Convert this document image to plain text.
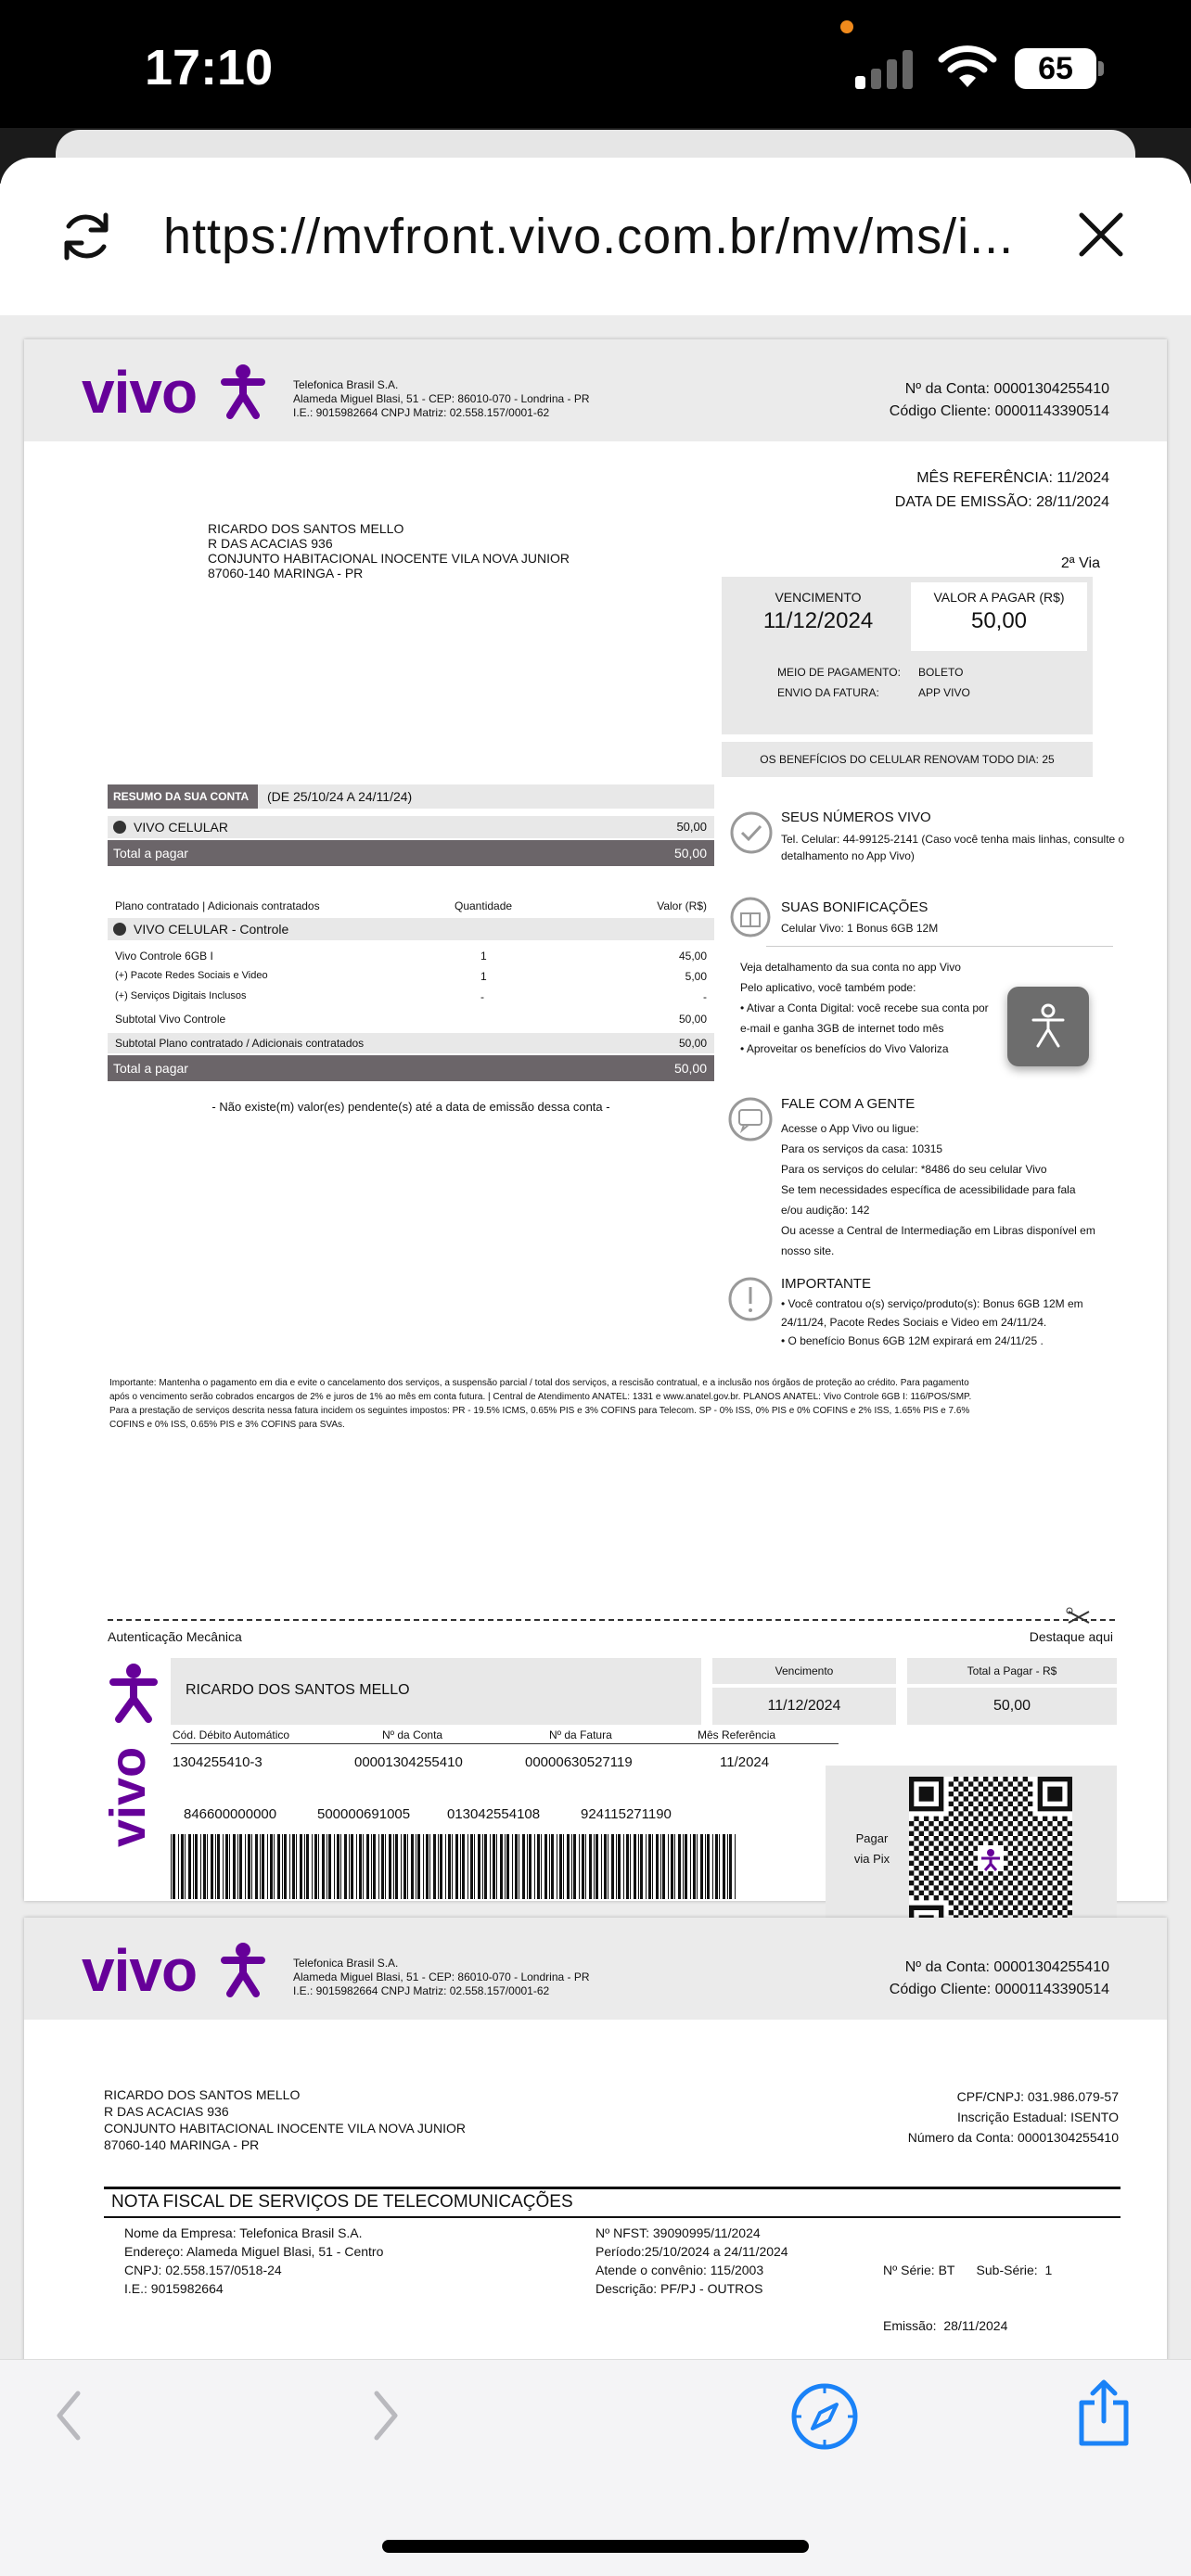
17:10	65
https://mvfront.vivo.com.br/mv/ms/i...
vivo	Telefonica Brasil S.A.
Alameda Miguel Blasi, 51 - CEP: 86010-070 - Londrina - PR
I.E.: 9015982664 CNPJ Matriz: 02.558.157/0001-62
Nº da Conta: 00001304255410
Código Cliente: 00001143390514
MÊS REFERÊNCIA: 11/2024
DATA DE EMISSÃO: 28/11/2024
RICARDO DOS SANTOS MELLO
R DAS ACACIAS 936
CONJUNTO HABITACIONAL INOCENTE VILA NOVA JUNIOR
87060-140 MARINGA - PR
2ª Via
VENCIMENTO
11/12/2024
VALOR A PAGAR (R$)
50,00
MEIO DE PAGAMENTO:	BOLETO
ENVIO DA FATURA:	APP VIVO
OS BENEFÍCIOS DO CELULAR RENOVAM TODO DIA: 25
RESUMO DA SUA CONTA	(DE 25/10/24 A 24/11/24)
VIVO CELULAR	50,00
Total a pagar	50,00
Plano contratado | Adicionais contratados	Quantidade	Valor (R$)
VIVO CELULAR - Controle
Vivo Controle 6GB I	1	45,00
(+) Pacote Redes Sociais e Video	1	5,00
(+) Serviços Digitais Inclusos	-	-
Subtotal Vivo Controle	50,00
Subtotal Plano contratado / Adicionais contratados	50,00
Total a pagar	50,00
- Não existe(m) valor(es) pendente(s) até a data de emissão dessa conta -
SEUS NÚMEROS VIVO
Tel. Celular: 44-99125-2141 (Caso você tenha mais linhas, consulte o detalhamento no App Vivo)
SUAS BONIFICAÇÕES
Celular Vivo: 1 Bonus 6GB 12M
Veja detalhamento da sua conta no app Vivo
Pelo aplicativo, você também pode:
• Ativar a Conta Digital: você recebe sua conta por
e-mail e ganha 3GB de internet todo mês
• Aproveitar os benefícios do Vivo Valoriza
FALE COM A GENTE
Acesse o App Vivo ou ligue:
Para os serviços da casa: 10315
Para os serviços do celular: *8486 do seu celular Vivo
Se tem necessidades específica de acessibilidade para fala
e/ou audição: 142
Ou acesse a Central de Intermediação em Libras disponível em
nosso site.
IMPORTANTE
• Você contratou o(s) serviço/produto(s): Bonus 6GB 12M em
24/11/24, Pacote Redes Sociais e Video em 24/11/24.
• O benefício Bonus 6GB 12M expirará em 24/11/25 .
Importante: Mantenha o pagamento em dia e evite o cancelamento dos serviços, a suspensão parcial / total dos serviços, a rescisão contratual, e a inclusão nos órgãos de proteção ao crédito. Para pagamento
após o vencimento serão cobrados encargos de 2% e juros de 1% ao mês em conta futura. | Central de Atendimento ANATEL: 1331 e www.anatel.gov.br. PLANOS ANATEL: Vivo Controle 6GB I: 116/POS/SMP.
Para a prestação de serviços descrita nessa fatura incidem os seguintes impostos: PR - 19.5% ICMS, 0.65% PIS e 3% COFINS para Telecom. SP - 0% ISS, 0% PIS e 0% COFINS e 2% ISS, 1.65% PIS e 7.6%
COFINS e 0% ISS, 0.65% PIS e 3% COFINS para SVAs.
Autenticação Mecânica	Destaque aqui
vivo
RICARDO DOS SANTOS MELLO
Vencimento
11/12/2024
Total a Pagar - R$
50,00
Cód. Débito Automático	Nº da Conta	Nº da Fatura	Mês Referência
1304255410-3	00001304255410	00000630527119	11/2024
846600000000	500000691005	013042554108	924115271190
Pagar
via Pix
vivo	Telefonica Brasil S.A.
Alameda Miguel Blasi, 51 - CEP: 86010-070 - Londrina - PR
I.E.: 9015982664 CNPJ Matriz: 02.558.157/0001-62
Nº da Conta: 00001304255410
Código Cliente: 00001143390514
RICARDO DOS SANTOS MELLO
R DAS ACACIAS 936
CONJUNTO HABITACIONAL INOCENTE VILA NOVA JUNIOR
87060-140 MARINGA - PR
CPF/CNPJ: 031.986.079-57
Inscrição Estadual: ISENTO
Número da Conta: 00001304255410
NOTA FISCAL DE SERVIÇOS DE TELECOMUNICAÇÕES
Nome da Empresa: Telefonica Brasil S.A.
Endereço: Alameda Miguel Blasi, 51 - Centro
CNPJ: 02.558.157/0518-24
I.E.: 9015982664
Nº NFST: 39090995/11/2024
Período:25/10/2024 a 24/11/2024
Atende o convênio: 115/2003
Descrição: PF/PJ - OUTROS

Nº Série: BT      Sub-Série:  1

Emissão:  28/11/2024
